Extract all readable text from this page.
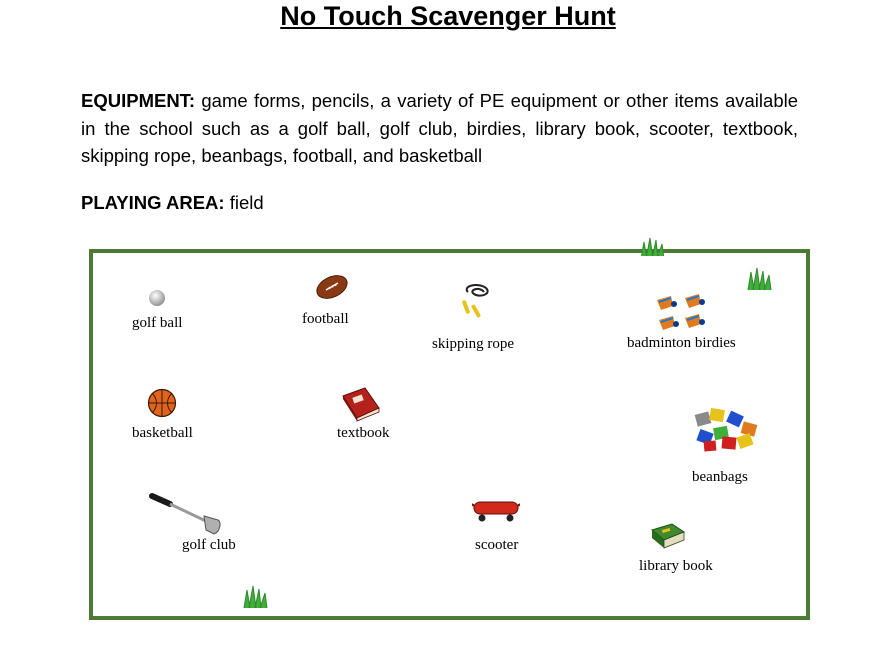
No Touch Scavenger Hunt
EQUIPMENT: game forms, pencils, a variety of PE equipment or other items available in the school such as a golf ball, golf club, birdies, library book, scooter, textbook, skipping rope, beanbags, football, and basketball
PLAYING AREA: field
golf ball	football
skipping rope	badminton birdies
basketball	textbook
beanbags
golf club	scooter
library book
